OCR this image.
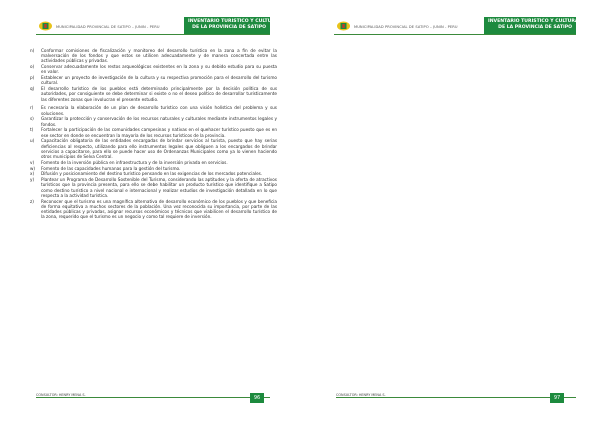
MUNICIPALIDAD PROVINCIAL DE SATIPO – JUNIN - PERU
INVENTARIO TURISTICO Y CULTURAL
DE LA PROVINCIA DE SATIPO
n)	Conformar comisiones de fiscalización y monitoreo del desarrollo turístico en la zona a fin de evitar la malversación de los fondos y que estos se utilicen adecuadamente y de manera concertada entre las actividades públicas y privadas.
o)	Conservar adecuadamente los restos arqueológicos existentes en la zona y su debido estudio para su puesta en valor.
p)	Establecer un proyecto de investigación de la cultura y su respectiva promoción para el desarrollo del turismo cultural.
q)	El desarrollo turístico de los pueblos está determinado principalmente por la decisión política de sus autoridades, por consiguiente se debe determinar si existe o no el deseo político de desarrollar turísticamente las diferentes zonas que involucran el presente estudio.
r)	Es necesaria la elaboración de un plan de desarrollo turístico con una visión holística del problema y sus soluciones.
s)	Garantizar la protección y conservación de los recursos naturales y culturales mediante instrumentos legales y fondos.
t)	Fortalecer la participación de las comunidades campesinas y nativas en el quehacer turístico puesto que es en ese sector en donde se encuentran la mayoría de los recursos turísticos de la provincia.
u)	Capacitación obligatoria de las entidades encargadas de brindar servicios al turista, puesto que hay serias deficiencias al respecto, utilizando para ello instrumentos legales que obliguen a los encargados de brindar servicios a capacitarse, para ello se puede hacer uso de Ordenanzas Municipales como ya lo vienen haciendo otros municipios de Selva Central.
v)	Fomento de la inversión pública en infraestructura y de la inversión privada en servicios.
w)	Fomento de las capacidades humanas para la gestión del turismo.
x)	Difusión y posicionamiento del destino turístico pensando en las exigencias de los mercados potenciales.
y)	Plantear un Programa de Desarrollo Sostenible del Turismo, considerando las aptitudes y la oferta de atractivos turísticos que la provincia presenta, para ello se debe habilitar un producto turístico que identifique a Satipo como destino turístico a nivel nacional e internacional y realizar estudios de investigación detallada en lo que respecta a la actividad turística.
z)	Reconocer que el turismo es una magnífica alternativa de desarrollo económico de los pueblos y que beneficia de forma equitativa a muchos sectores de la población. Una vez reconocida su importancia, por parte de las entidades públicas y privadas, asignar recursos económicos y técnicos que viabilicen el desarrollo turístico de la zona, requerido que el turismo es un negocio y como tal requiere de inversión.
CONSULTOR: HENRY MENA S.	96
MUNICIPALIDAD PROVINCIAL DE SATIPO – JUNIN - PERU
INVENTARIO TURISTICO Y CULTURAL
DE LA PROVINCIA DE SATIPO
CONSULTOR: HENRY MENA S.	97
